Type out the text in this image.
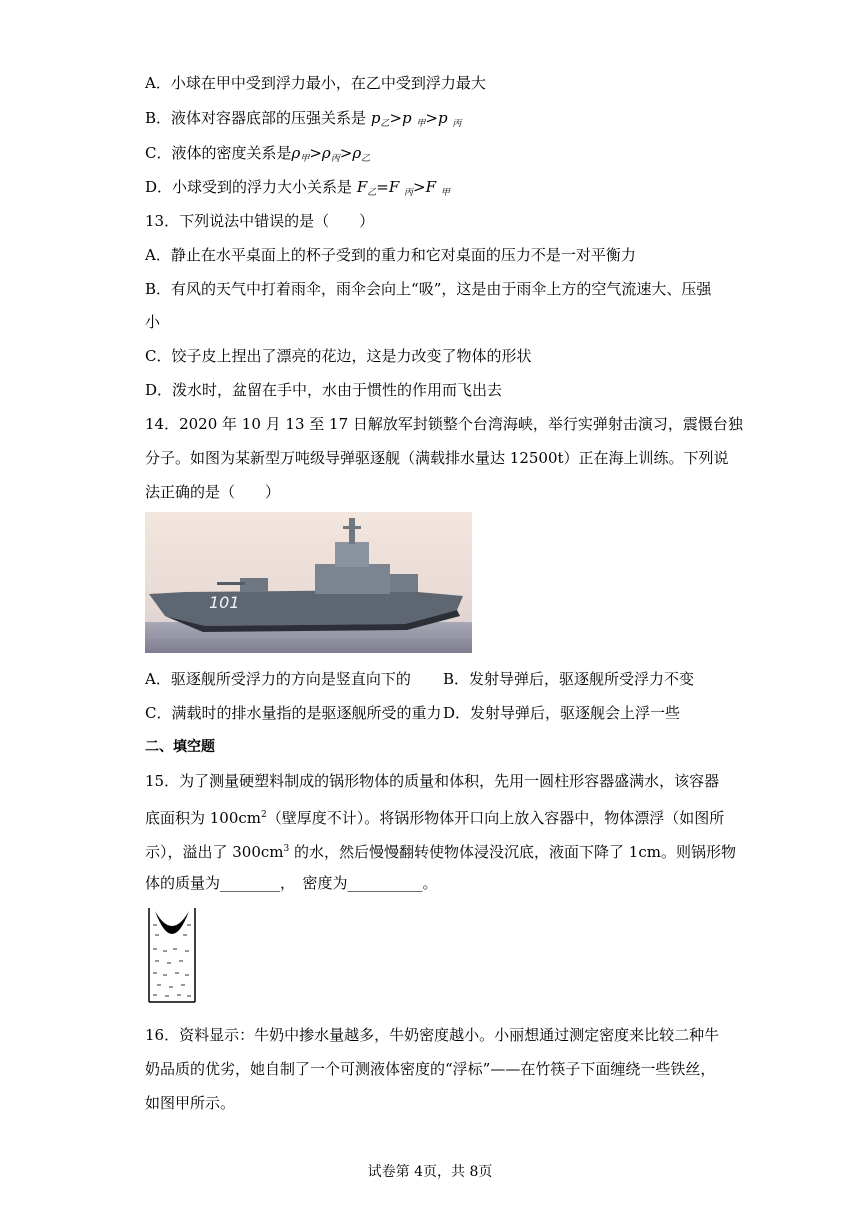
A．小球在甲中受到浮力最小，在乙中受到浮力最大
B．液体对容器底部的压强关系是 $p_乙>p$ $_甲$>p $_丙$
C．液体的密度关系是$\rho_甲>\rho_丙>\rho_乙$
D．小球受到的浮力大小关系是 $F_乙=F$ $_丙$>F $_甲$
13．下列说法中错误的是（　　）
A．静止在水平桌面上的杯子受到的重力和它对桌面的压力不是一对平衡力
B．有风的天气中打着雨伞，雨伞会向上“吸”，这是由于雨伞上方的空气流速大、压强
小
C．饺子皮上捏出了漂亮的花边，这是力改变了物体的形状
D．泼水时，盆留在手中，水由于惯性的作用而飞出去
14．2020 年 10 月 13 至 17 日解放军封锁整个台湾海峡，举行实弹射击演习，震慑台独
分子。如图为某新型万吨级导弹驱逐舰（满载排水量达 12500t）正在海上训练。下列说
法正确的是（　　）
101
A．驱逐舰所受浮力的方向是竖直向下的 B．发射导弹后，驱逐舰所受浮力不变
C．满载时的排水量指的是驱逐舰所受的重力 D．发射导弹后，驱逐舰会上浮一些
二、填空题
15．为了测量硬塑料制成的锅形物体的质量和体积，先用一圆柱形容器盛满水，该容器
底面积为 $100cm^2$（壁厚度不计）。将锅形物体开口向上放入容器中，物体漂浮（如图所
示），溢出了 $300cm^3$ 的水，然后慢慢翻转使物体浸没沉底，液面下降了 1cm。则锅形物
体的质量为________，　密度为__________。
16．资料显示：牛奶中掺水量越多，牛奶密度越小。小丽想通过测定密度来比较二种牛
奶品质的优劣，她自制了一个可测液体密度的“浮标”——在竹筷子下面缠绕一些铁丝，
如图甲所示。
试卷第 4页，共 8页
